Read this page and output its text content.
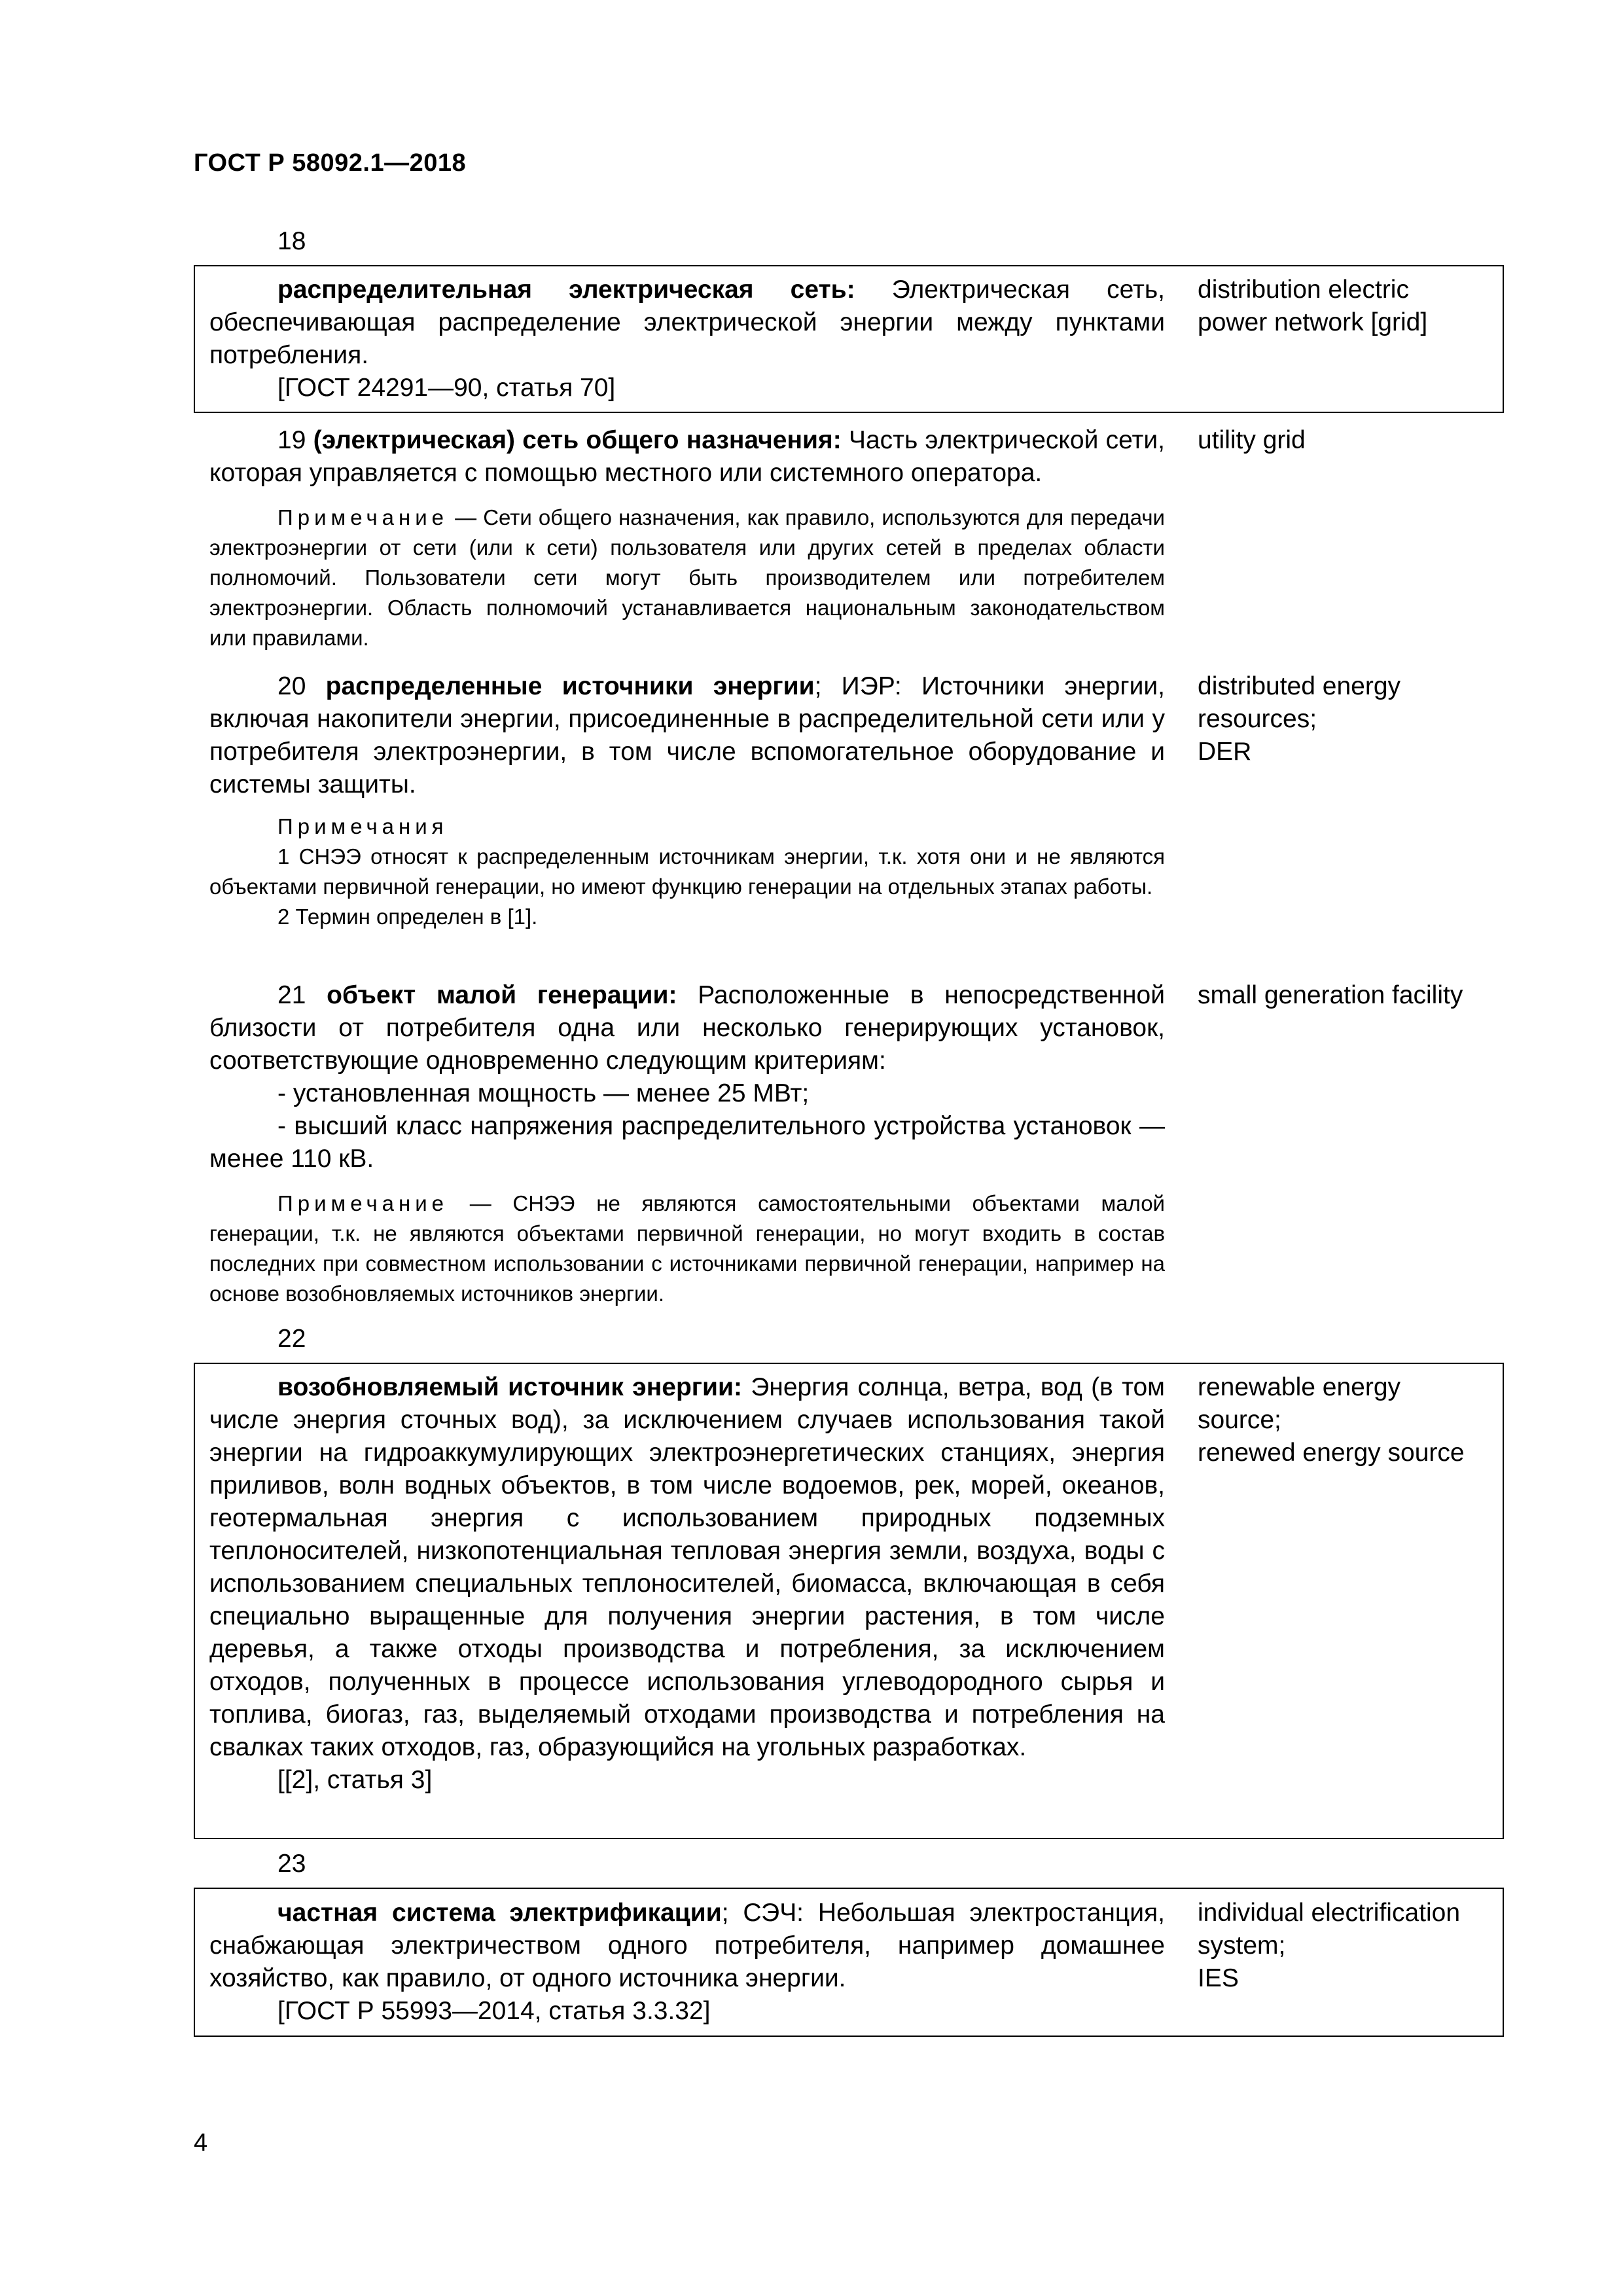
ГОСТ Р 58092.1—2018
18
распределительная электрическая сеть: Электрическая сеть, обеспечивающая распределение электрической энергии между пунктами потребления.
[ГОСТ 24291—90, статья 70]
distribution electric
power network [grid]
19 (электрическая) сеть общего назначения: Часть электрической сети, которая управляется с помощью местного или системного оператора.
utility grid
Примечание — Сети общего назначения, как правило, используются для передачи электроэнергии от сети (или к сети) пользователя или других сетей в пределах области полномочий. Пользователи сети могут быть производителем или потребителем электроэнергии. Область полномочий устанавливается национальным законодательством или правилами.
20 распределенные источники энергии; ИЭР: Источники энергии, включая накопители энергии, присоединенные в распределительной сети или у потребителя электроэнергии, в том числе вспомогательное оборудование и системы защиты.
distributed energy
resources;
DER
Примечания
1 СНЭЭ относят к распределенным источникам энергии, т.к. хотя они и не являются объектами первичной генерации, но имеют функцию генерации на отдельных этапах работы.
2 Термин определен в [1].
21 объект малой генерации: Расположенные в непосредственной близости от потребителя одна или несколько генерирующих установок, соответствующие одновременно следующим критериям:
- установленная мощность — менее 25 МВт;
- высший класс напряжения распределительного устройства установок — менее 110 кВ.
small generation facility
Примечание — СНЭЭ не являются самостоятельными объектами малой генерации, т.к. не являются объектами первичной генерации, но могут входить в состав последних при совместном использовании с источниками первичной генерации, например на основе возобновляемых источников энергии.
22
возобновляемый источник энергии: Энергия солнца, ветра, вод (в том числе энергия сточных вод), за исключением случаев использования такой энергии на гидроаккумулирующих электроэнергетических станциях, энергия приливов, волн водных объектов, в том числе водоемов, рек, морей, океанов, геотермальная энергия с использованием природных подземных теплоносителей, низкопотенциальная тепловая энергия земли, воздуха, воды с использованием специальных теплоносителей, биомасса, включающая в себя специально выращенные для получения энергии растения, в том числе деревья, а также отходы производства и потребления, за исключением отходов, полученных в процессе использования углеводородного сырья и топлива, биогаз, газ, выделяемый отходами производства и потребления на свалках таких отходов, газ, образующийся на угольных разработках.
[[2], статья 3]
renewable energy
source;
renewed energy source
23
частная система электрификации; СЭЧ: Небольшая электростанция, снабжающая электричеством одного потребителя, например домашнее хозяйство, как правило, от одного источника энергии.
[ГОСТ Р 55993—2014, статья 3.3.32]
individual electrification
system;
IES
4
